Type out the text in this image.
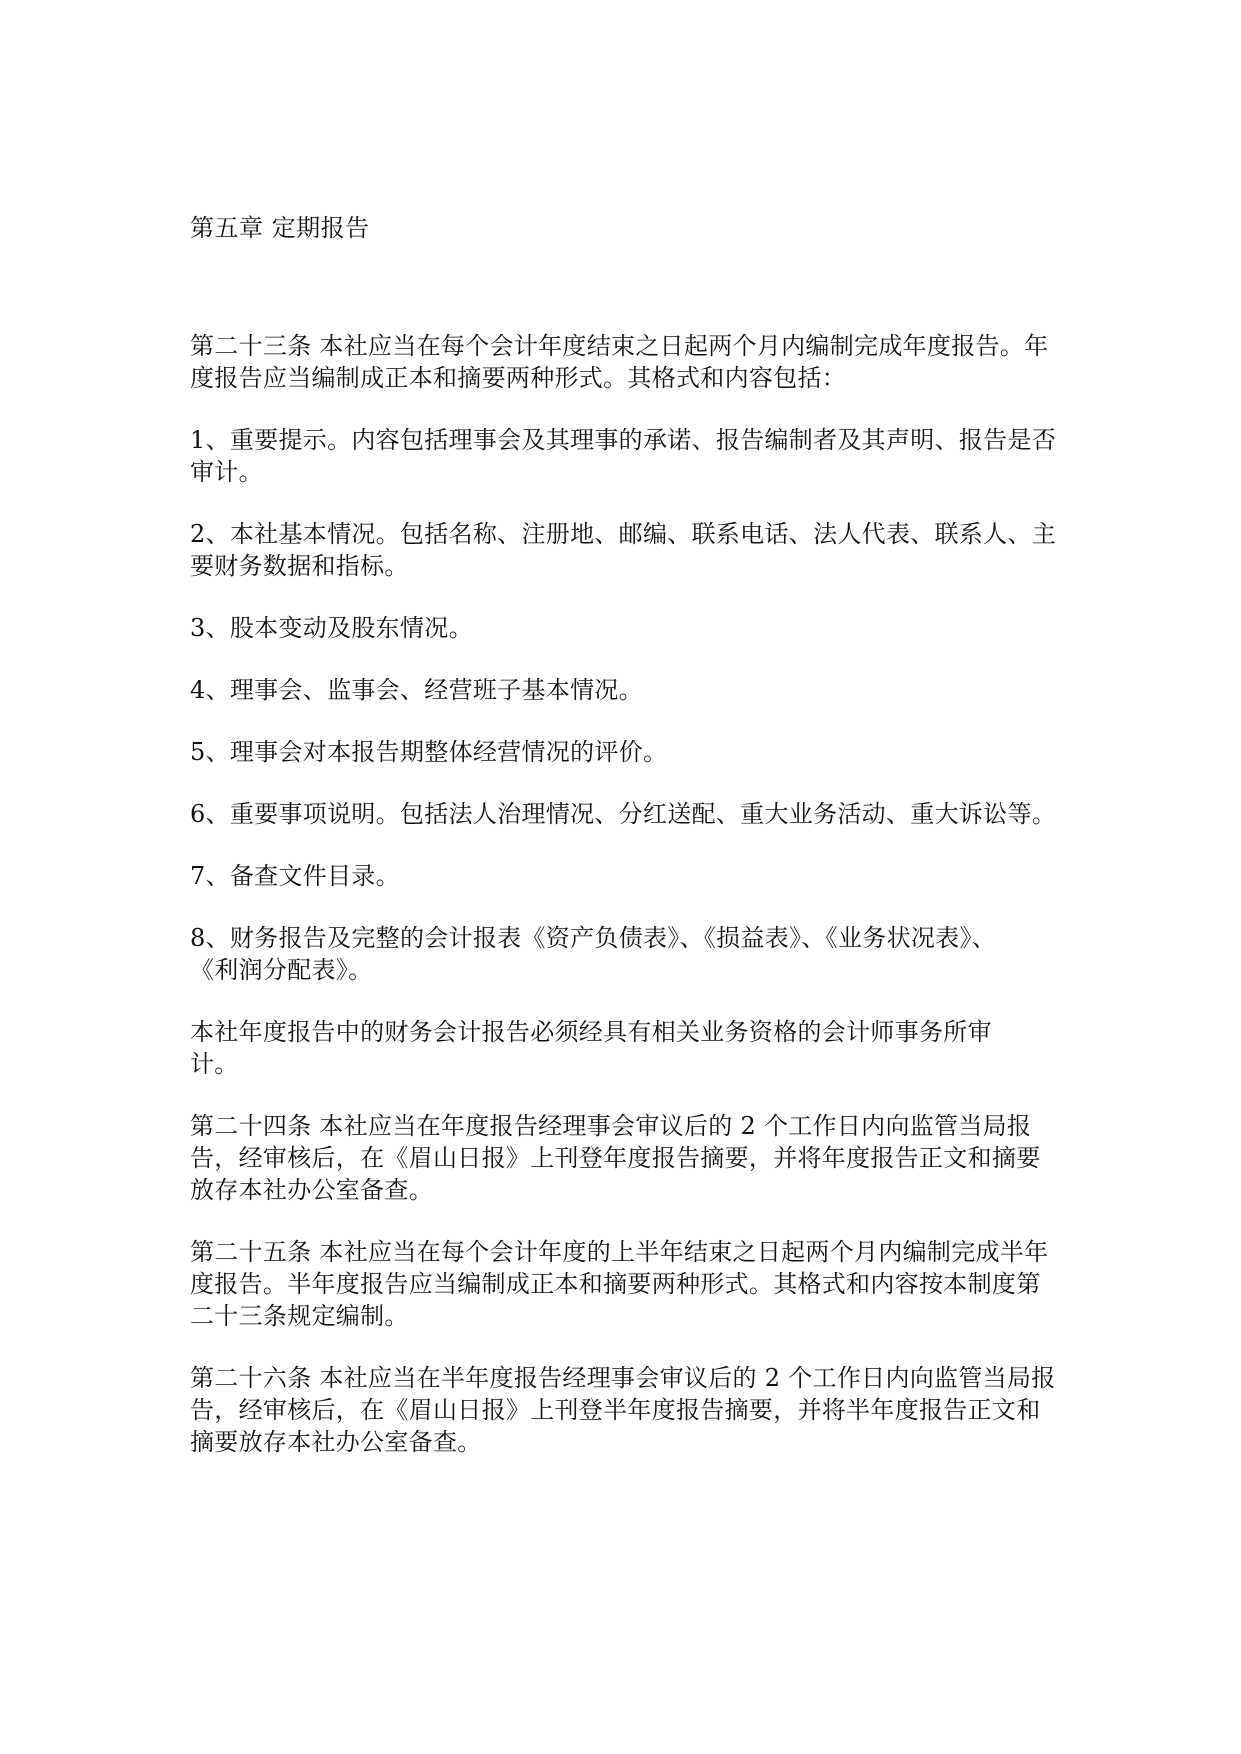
第五章 定期报告

第二十三条 本社应当在每个会计年度结束之日起两个月内编制完成年度报告。年度报告应当编制成正本和摘要两种形式。其格式和内容包括：

1、重要提示。内容包括理事会及其理事的承诺、报告编制者及其声明、报告是否审计。

2、本社基本情况。包括名称、注册地、邮编、联系电话、法人代表、联系人、主要财务数据和指标。

3、股本变动及股东情况。

4、理事会、监事会、经营班子基本情况。

5、理事会对本报告期整体经营情况的评价。

6、重要事项说明。包括法人治理情况、分红送配、重大业务活动、重大诉讼等。

7、备查文件目录。

8、财务报告及完整的会计报表《资产负债表》、《损益表》、《业务状况表》、《利润分配表》。

本社年度报告中的财务会计报告必须经具有相关业务资格的会计师事务所审计。

第二十四条 本社应当在年度报告经理事会审议后的 2 个工作日内向监管当局报告，经审核后，在《眉山日报》上刊登年度报告摘要，并将年度报告正文和摘要放存本社办公室备查。

第二十五条 本社应当在每个会计年度的上半年结束之日起两个月内编制完成半年度报告。半年度报告应当编制成正本和摘要两种形式。其格式和内容按本制度第二十三条规定编制。

第二十六条 本社应当在半年度报告经理事会审议后的 2 个工作日内向监管当局报告，经审核后，在《眉山日报》上刊登半年度报告摘要，并将半年度报告正文和摘要放存本社办公室备查。
